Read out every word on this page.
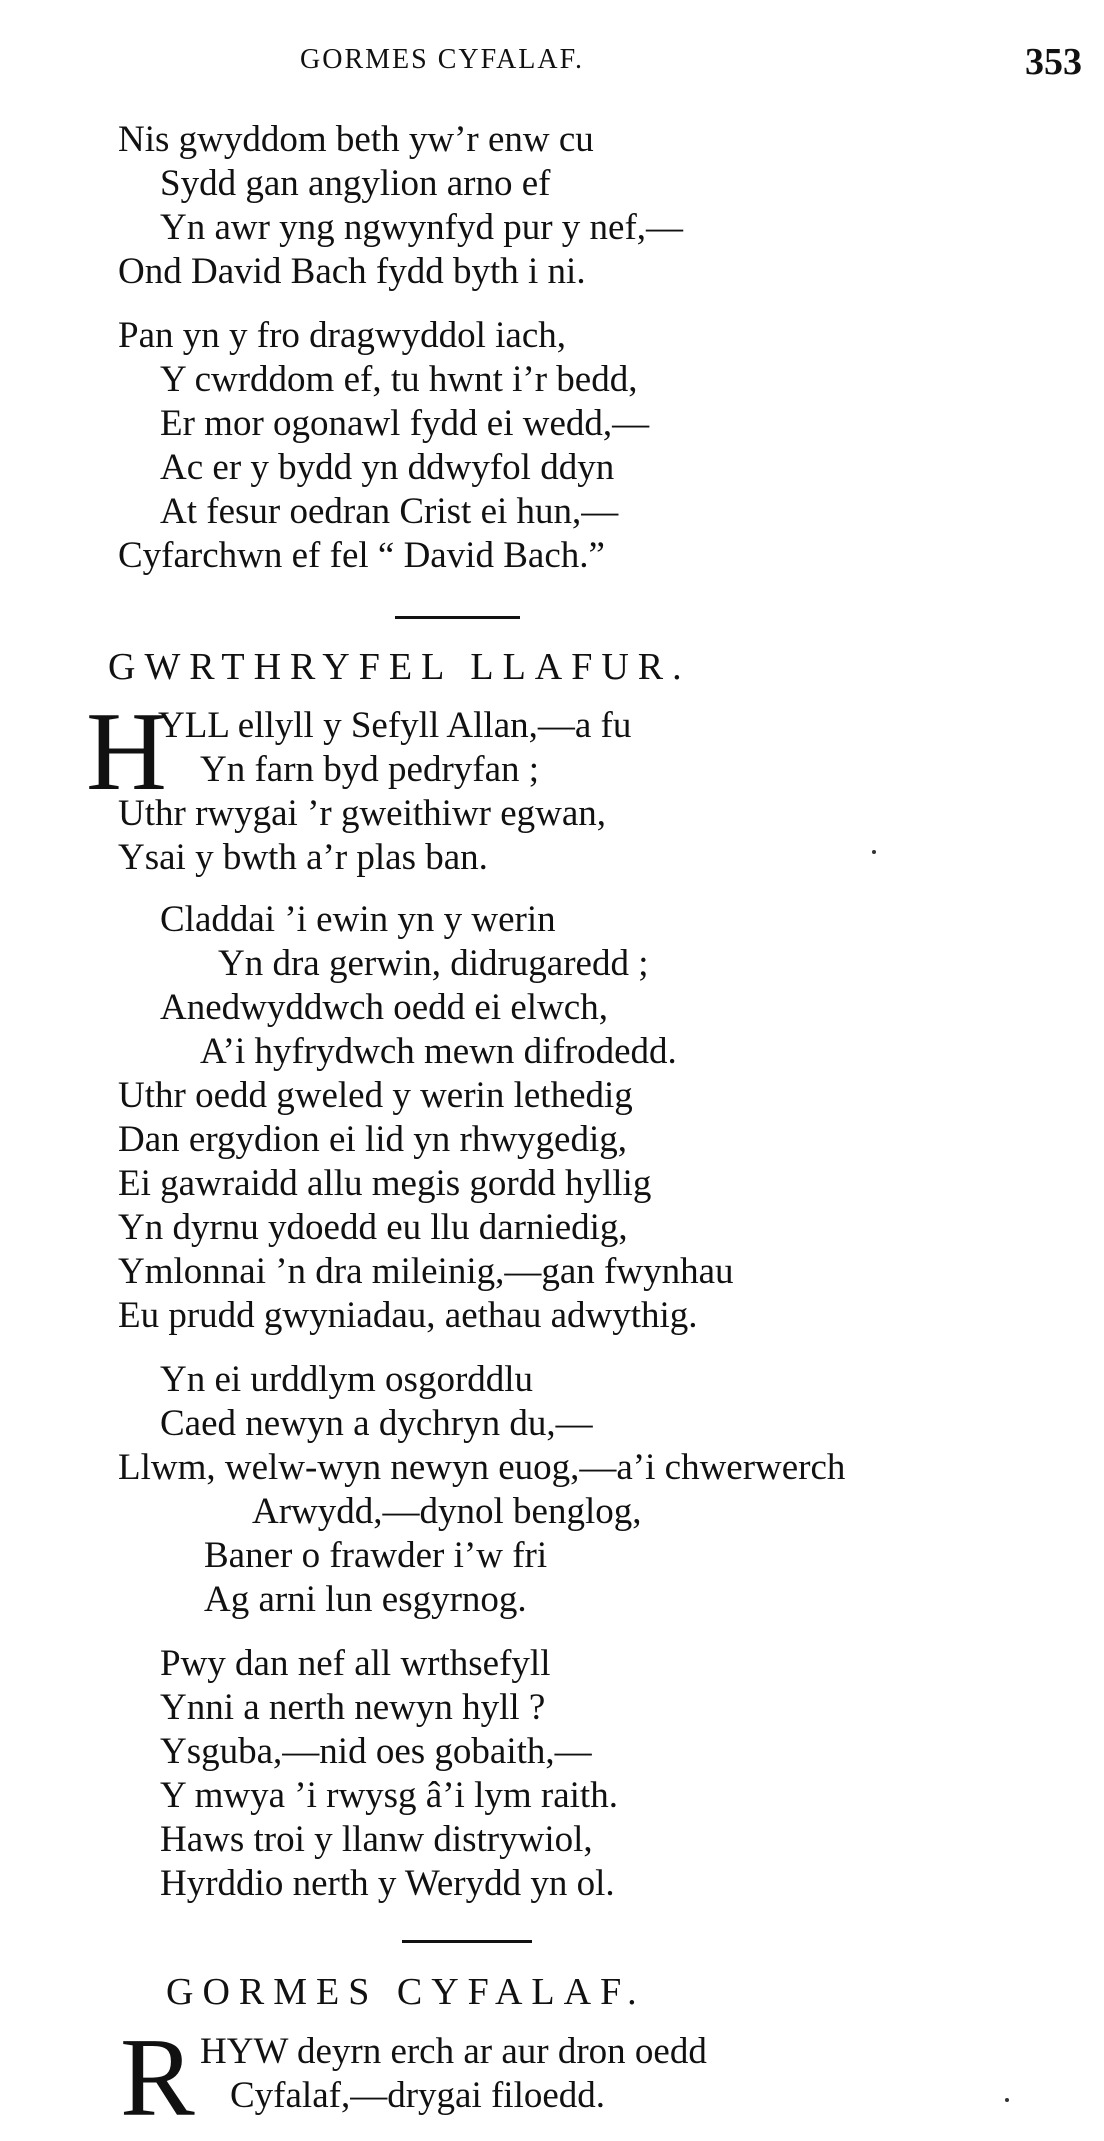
GORMES CYFALAF.	353
Nis gwyddom beth yw’r enw cu
Sydd gan angylion arno ef
Yn awr yng ngwynfyd pur y nef,—
Ond David Bach fydd byth i ni.
Pan yn y fro dragwyddol iach,
Y cwrddom ef, tu hwnt i’r bedd,
Er mor ogonawl fydd ei wedd,—
Ac er y bydd yn ddwyfol ddyn
At fesur oedran Crist ei hun,—
Cyfarchwn ef fel “ David Bach.”
GWRTHRYFEL LLAFUR.
H
YLL ellyll y Sefyll Allan,—a fu
Yn farn byd pedryfan ;
Uthr rwygai ’r gweithiwr egwan,
Ysai y bwth a’r plas ban.
Claddai ’i ewin yn y werin
Yn dra gerwin, didrugaredd ;
Anedwyddwch oedd ei elwch,
A’i hyfrydwch mewn difrodedd.
Uthr oedd gweled y werin lethedig
Dan ergydion ei lid yn rhwygedig,
Ei gawraidd allu megis gordd hyllig
Yn dyrnu ydoedd eu llu darniedig,
Ymlonnai ’n dra mileinig,—gan fwynhau
Eu prudd gwyniadau, aethau adwythig.
Yn ei urddlym osgorddlu
Caed newyn a dychryn du,—
Llwm, welw-wyn newyn euog,—a’i chwerwerch
Arwydd,—dynol benglog,
Baner o frawder i’w fri
Ag arni lun esgyrnog.
Pwy dan nef all wrthsefyll
Ynni a nerth newyn hyll ?
Ysguba,—nid oes gobaith,—
Y mwya ’i rwysg â’i lym raith.
Haws troi y llanw distrywiol,
Hyrddio nerth y Werydd yn ol.
GORMES CYFALAF.
R HYW deyrn erch ar aur dron oedd
Cyfalaf,—drygai filoedd.
